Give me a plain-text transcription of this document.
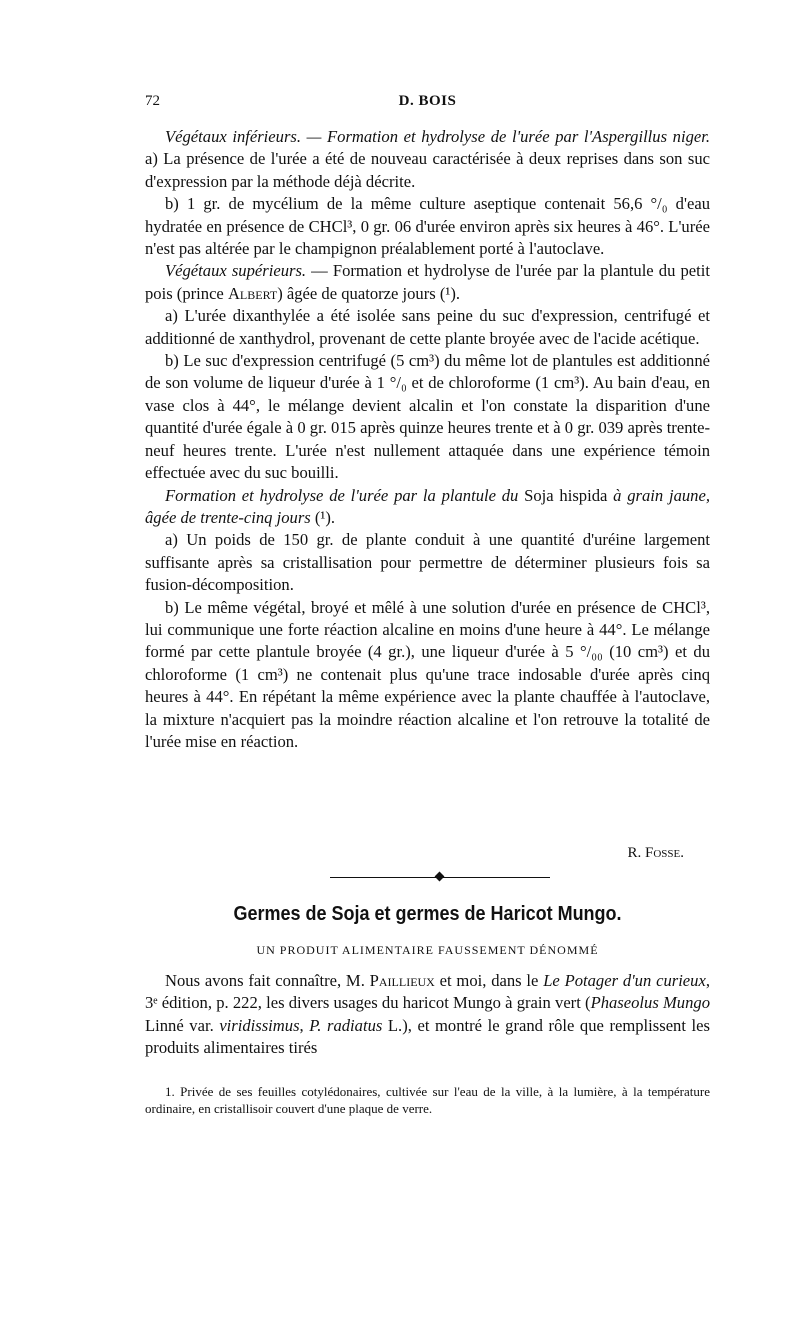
72	D. BOIS

Végétaux inférieurs. — Formation et hydrolyse de l'urée par l'Aspergillus niger. a) La présence de l'urée a été de nouveau caractérisée à deux reprises dans son suc d'expression par la méthode déjà décrite.

b) 1 gr. de mycélium de la même culture aseptique contenait 56,6 °/₀ d'eau hydratée en présence de CHCl³, 0 gr. 06 d'urée environ après six heures à 46°. L'urée n'est pas altérée par le champignon préalablement porté à l'autoclave.

Végétaux supérieurs. — Formation et hydrolyse de l'urée par la plantule du petit pois (prince Albert) âgée de quatorze jours (¹).

a) L'urée dixanthylée a été isolée sans peine du suc d'expression, centrifugé et additionné de xanthydrol, provenant de cette plante broyée avec de l'acide acétique.

b) Le suc d'expression centrifugé (5 cm³) du même lot de plantules est additionné de son volume de liqueur d'urée à 1 °/₀ et de chloroforme (1 cm³). Au bain d'eau, en vase clos à 44°, le mélange devient alcalin et l'on constate la disparition d'une quantité d'urée égale à 0 gr. 015 après quinze heures trente et à 0 gr. 039 après trente-neuf heures trente. L'urée n'est nullement attaquée dans une expérience témoin effectuée avec du suc bouilli.

Formation et hydrolyse de l'urée par la plantule du Soja hispida à grain jaune, âgée de trente-cinq jours (¹).

a) Un poids de 150 gr. de plante conduit à une quantité d'uréine largement suffisante après sa cristallisation pour permettre de déterminer plusieurs fois sa fusion-décomposition.

b) Le même végétal, broyé et mêlé à une solution d'urée en présence de CHCl³, lui communique une forte réaction alcaline en moins d'une heure à 44°. Le mélange formé par cette plantule broyée (4 gr.), une liqueur d'urée à 5 °/₀₀ (10 cm³) et du chloroforme (1 cm³) ne contenait plus qu'une trace indosable d'urée après cinq heures à 44°. En répétant la même expérience avec la plante chauffée à l'autoclave, la mixture n'acquiert pas la moindre réaction alcaline et l'on retrouve la totalité de l'urée mise en réaction.

R. Fosse.
Germes de Soja et germes de Haricot Mungo.
UN PRODUIT ALIMENTAIRE FAUSSEMENT DÉNOMMÉ

Nous avons fait connaître, M. Paillieux et moi, dans le Le Potager d'un curieux, 3ᵉ édition, p. 222, les divers usages du haricot Mungo à grain vert (Phaseolus Mungo Linné var. viridissimus, P. radiatus L.), et montré le grand rôle que remplissent les produits alimentaires tirés

1. Privée de ses feuilles cotylédonaires, cultivée sur l'eau de la ville, à la lumière, à la température ordinaire, en cristallisoir couvert d'une plaque de verre.
